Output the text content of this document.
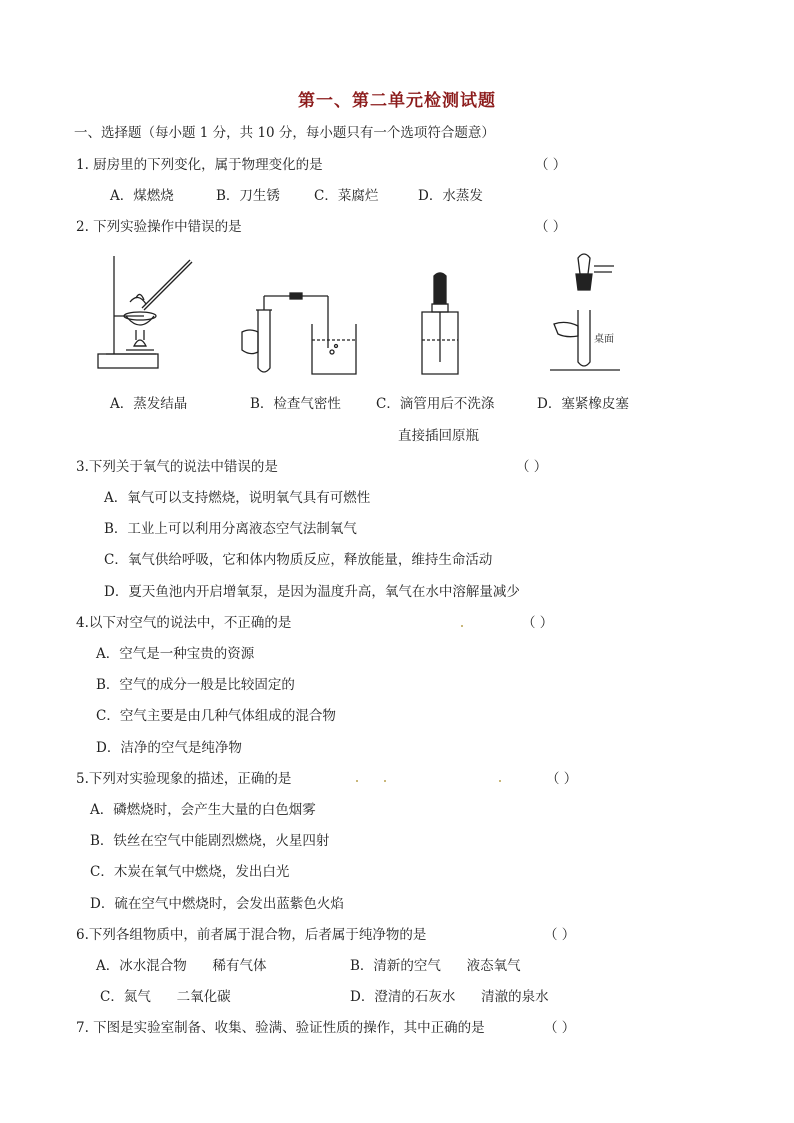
第一、第二单元检测试题
一、选择题（每小题 1 分，共 10 分，每小题只有一个选项符合题意）
1. 厨房里的下列变化，属于物理变化的是	（ ）
A．煤燃烧	B．刀生锈	C．菜腐烂	D．水蒸发
2. 下列实验操作中错误的是	（ ）
桌面
A．蒸发结晶	B．检查气密性	C．滴管用后不洗涤	D．塞紧橡皮塞
直接插回原瓶
3.下列关于氧气的说法中错误的是	（ ）
A．氧气可以支持燃烧，说明氧气具有可燃性
B．工业上可以利用分离液态空气法制氧气
C．氧气供给呼吸，它和体内物质反应，释放能量，维持生命活动
D．夏天鱼池内开启增氧泵，是因为温度升高，氧气在水中溶解量减少
4.以下对空气的说法中，不正确的是	（ ）
A．空气是一种宝贵的资源
B．空气的成分一般是比较固定的
C．空气主要是由几种气体组成的混合物
D．洁净的空气是纯净物
5.下列对实验现象的描述，正确的是	（ ）
A．磷燃烧时，会产生大量的白色烟雾
B．铁丝在空气中能剧烈燃烧，火星四射
C．木炭在氧气中燃烧，发出白光
D．硫在空气中燃烧时，会发出蓝紫色火焰
6.下列各组物质中，前者属于混合物，后者属于纯净物的是	（ ）
A．冰水混合物      稀有气体	B．清新的空气      液态氧气
C．氮气      二氧化碳	D．澄清的石灰水      清澈的泉水
7. 下图是实验室制备、收集、验满、验证性质的操作，其中正确的是	（ ）
